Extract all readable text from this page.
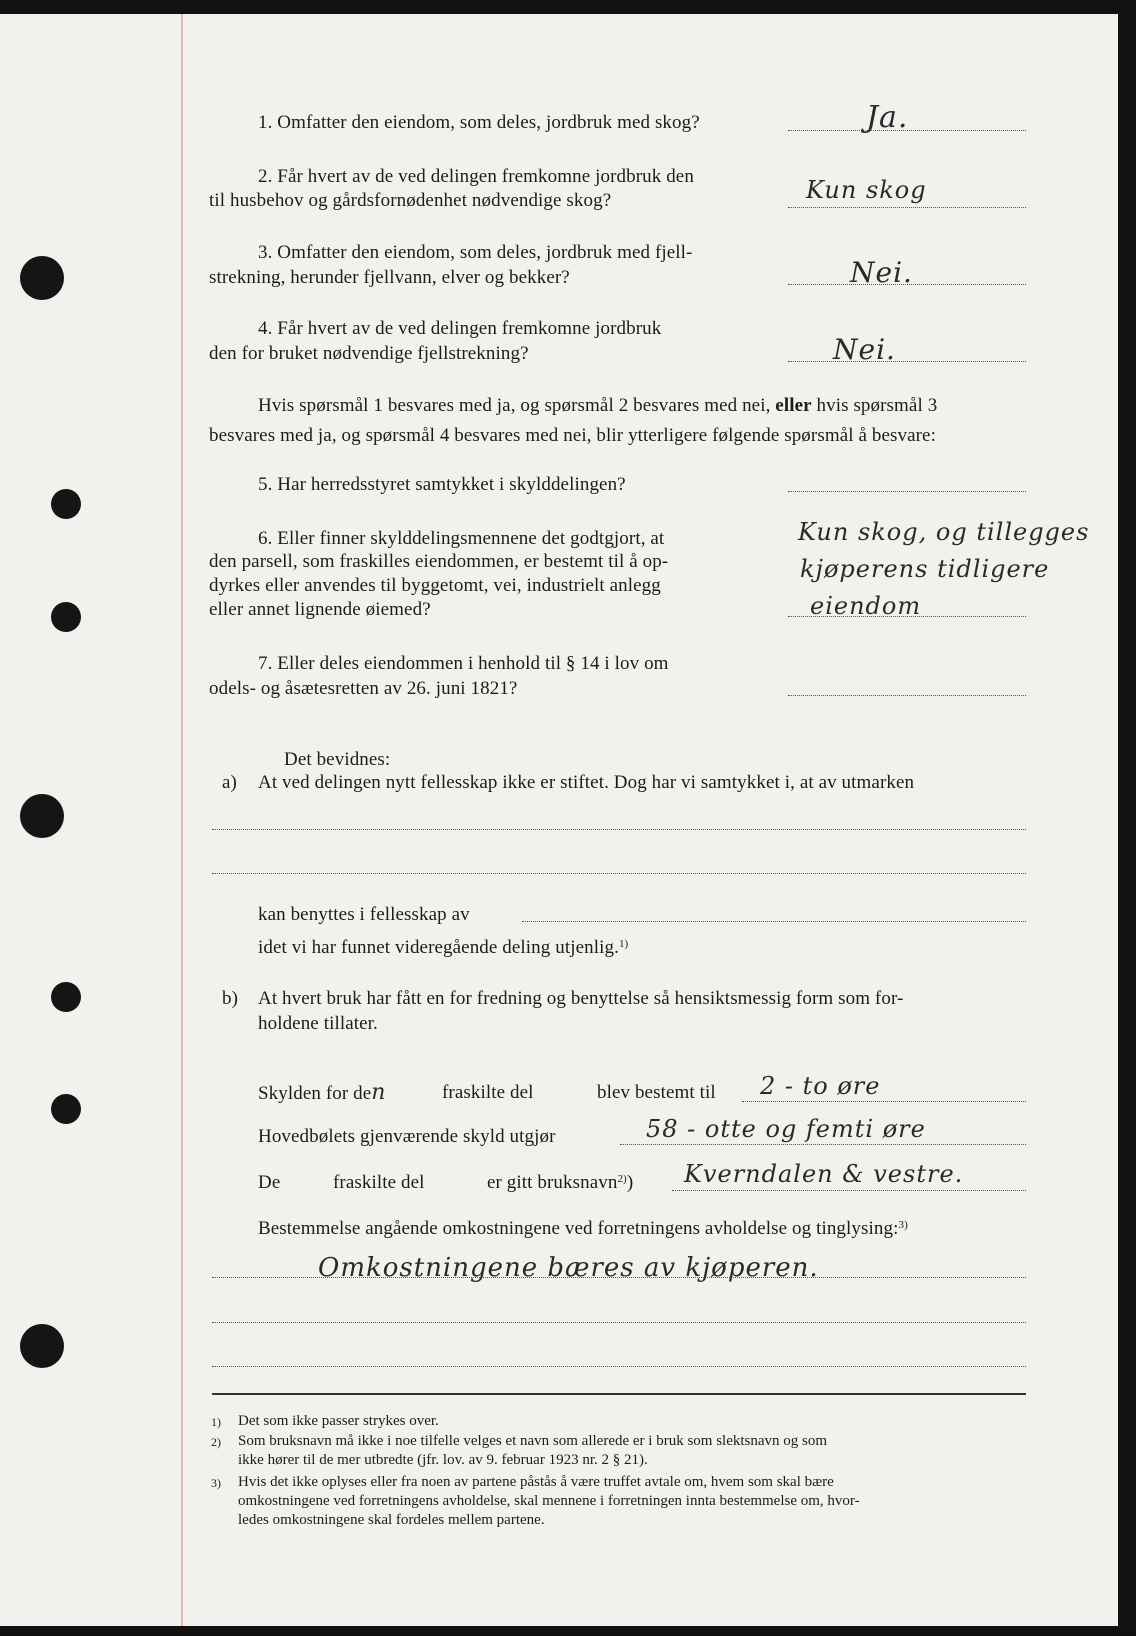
1. Omfatter den eiendom, som deles, jordbruk med skog?	Ja.
2. Får hvert av de ved delingen fremkomne jordbruk den
til husbehov og gårdsfornødenhet nødvendige skog?	Kun skog
3. Omfatter den eiendom, som deles, jordbruk med fjell-
strekning, herunder fjellvann, elver og bekker?	Nei.
4. Får hvert av de ved delingen fremkomne jordbruk
den for bruket nødvendige fjellstrekning?	Nei.
Hvis spørsmål 1 besvares med ja, og spørsmål 2 besvares med nei, eller hvis spørsmål 3
besvares med ja, og spørsmål 4 besvares med nei, blir ytterligere følgende spørsmål å besvare:
5. Har herredsstyret samtykket i skylddelingen?
6. Eller finner skylddelingsmennene det godtgjort, at
den parsell, som fraskilles eiendommen, er bestemt til å op-
dyrkes eller anvendes til byggetomt, vei, industrielt anlegg
eller annet lignende øiemed?
Kun skog, og tillegges
kjøperens tidligere
eiendom
7. Eller deles eiendommen i henhold til § 14 i lov om
odels- og åsætesretten av 26. juni 1821?
Det bevidnes:
a) At ved delingen nytt fellesskap ikke er stiftet. Dog har vi samtykket i, at av utmarken
kan benyttes i fellesskap av
idet vi har funnet videregående deling utjenlig.$^{1)}$
b) At hvert bruk har fått en for fredning og benyttelse så hensiktsmessig form som for-
holdene tillater.
Skylden for den	fraskilte del	blev bestemt til 2 - to øre
Hovedbølets gjenværende skyld utgjør	58 - otte og femti øre
De	fraskilte del	er gitt bruksnavn$^{2)}$) Kverndalen & vestre.
Bestemmelse angående omkostningene ved forretningens avholdelse og tinglysing:$^{3)}$
Omkostningene bæres av kjøperen.
1) Det som ikke passer strykes over.
2) Som bruksnavn må ikke i noe tilfelle velges et navn som allerede er i bruk som slektsnavn og som
ikke hører til de mer utbredte (jfr. lov. av 9. februar 1923 nr. 2 § 21).
3) Hvis det ikke oplyses eller fra noen av partene påstås å være truffet avtale om, hvem som skal bære
omkostningene ved forretningens avholdelse, skal mennene i forretningen innta bestemmelse om, hvor-
ledes omkostningene skal fordeles mellem partene.
